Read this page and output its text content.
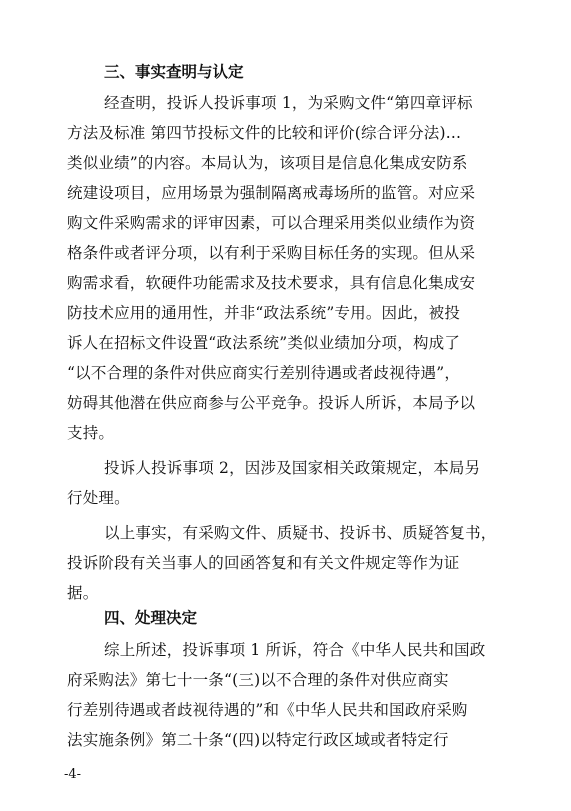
三、事实查明与认定
经查明，投诉人投诉事项 1，为采购文件“第四章评标
方法及标准 第四节投标文件的比较和评价(综合评分法)...
类似业绩”的内容。本局认为，该项目是信息化集成安防系
统建设项目，应用场景为强制隔离戒毒场所的监管。对应采
购文件采购需求的评审因素，可以合理采用类似业绩作为资
格条件或者评分项，以有利于采购目标任务的实现。但从采
购需求看，软硬件功能需求及技术要求，具有信息化集成安
防技术应用的通用性，并非“政法系统”专用。因此，被投
诉人在招标文件设置“政法系统”类似业绩加分项，构成了
“以不合理的条件对供应商实行差别待遇或者歧视待遇”，
妨碍其他潜在供应商参与公平竞争。投诉人所诉，本局予以
支持。
投诉人投诉事项 2，因涉及国家相关政策规定，本局另
行处理。
以上事实，有采购文件、质疑书、投诉书、质疑答复书，
投诉阶段有关当事人的回函答复和有关文件规定等作为证
据。
四、处理决定
综上所述，投诉事项 1 所诉，符合《中华人民共和国政
府采购法》第七十一条“(三)以不合理的条件对供应商实
行差别待遇或者歧视待遇的”和《中华人民共和国政府采购
法实施条例》第二十条“(四)以特定行政区域或者特定行
-4-
